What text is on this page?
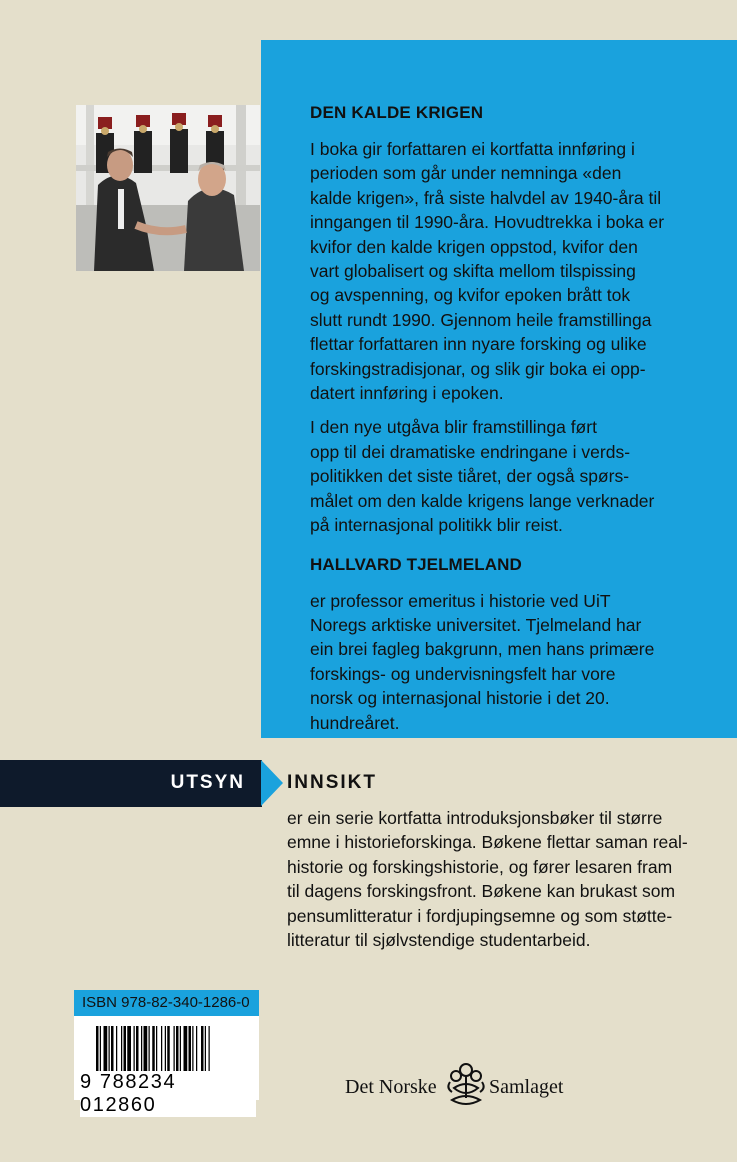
DEN KALDE KRIGEN

I boka gir forfattaren ei kortfatta innføring i
perioden som går under nemninga «den
kalde krigen», frå siste halvdel av 1940-åra til
inngangen til 1990-åra. Hovudtrekka i boka er
kvifor den kalde krigen oppstod, kvifor den
vart globalisert og skifta mellom tilspissing
og avspenning, og kvifor epoken brått tok
slutt rundt 1990. Gjennom heile framstillinga
flettar forfattaren inn nyare forsking og ulike
forskingstradisjonar, og slik gir boka ei opp-
datert innføring i epoken.

I den nye utgåva blir framstillinga ført
opp til dei dramatiske endringane i verds-
politikken det siste tiåret, der også spørs-
målet om den kalde krigens lange verknader
på internasjonal politikk blir reist.

HALLVARD TJELMELAND

er professor emeritus i historie ved UiT
Noregs arktiske universitet. Tjelmeland har
ein brei fagleg bakgrunn, men hans primære
forskings- og undervisningsfelt har vore
norsk og internasjonal historie i det 20.
hundreåret.

UTSYN INNSIKT
er ein serie kortfatta introduksjonsbøker til større
emne i historieforskinga. Bøkene flettar saman real-
historie og forskingshistorie, og fører lesaren fram
til dagens forskingsfront. Bøkene kan brukast som
pensumlitteratur i fordjupingsemne og som støtte-
litteratur til sjølvstendige studentarbeid.
ISBN 978-82-340-1286-0
9 788234 012860
Det Norske	Samlaget
